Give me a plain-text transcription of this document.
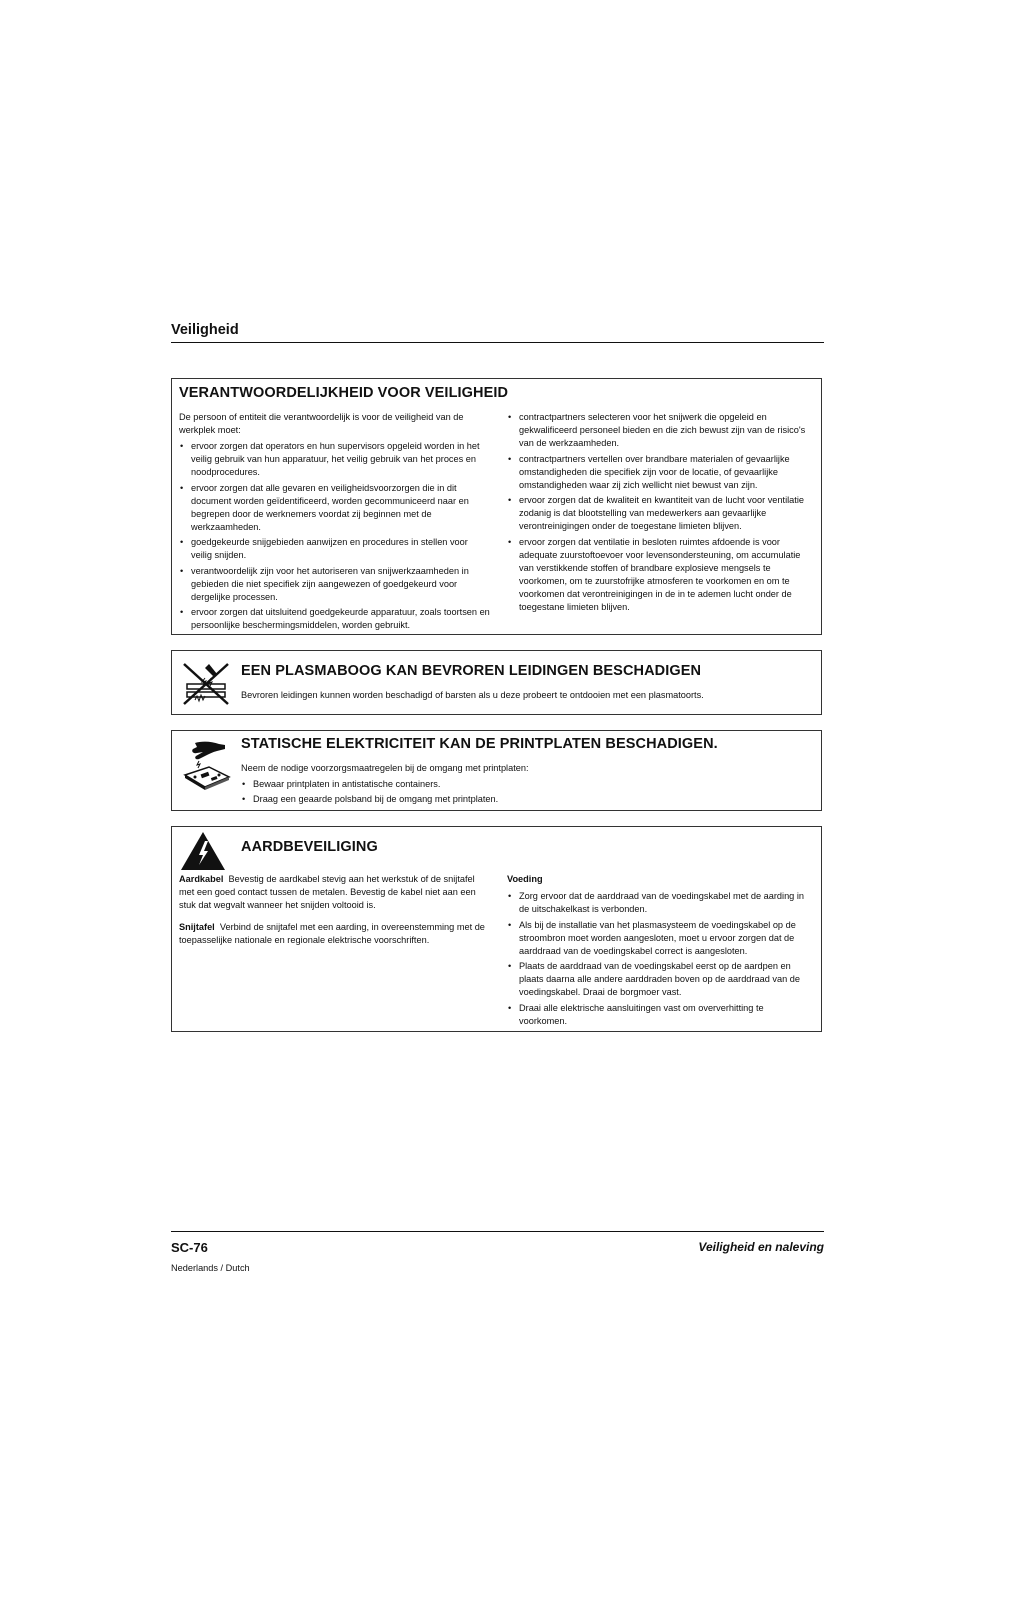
Veiligheid
VERANTWOORDELIJKHEID VOOR VEILIGHEID

De persoon of entiteit die verantwoordelijk is voor de veiligheid van de werkplek moet:

• ervoor zorgen dat operators en hun supervisors opgeleid worden in het veilig gebruik van hun apparatuur, het veilig gebruik van het proces en noodprocedures.
• ervoor zorgen dat alle gevaren en veiligheidsvoorzorgen die in dit document worden geïdentificeerd, worden gecommuniceerd naar en begrepen door de werknemers voordat zij beginnen met de werkzaamheden.
• goedgekeurde snijgebieden aanwijzen en procedures in stellen voor veilig snijden.
• verantwoordelijk zijn voor het autoriseren van snijwerkzaamheden in gebieden die niet specifiek zijn aangewezen of goedgekeurd voor dergelijke processen.
• ervoor zorgen dat uitsluitend goedgekeurde apparatuur, zoals toortsen en persoonlijke beschermingsmiddelen, worden gebruikt.
• contractpartners selecteren voor het snijwerk die opgeleid en gekwalificeerd personeel bieden en die zich bewust zijn van de risico's van de werkzaamheden.
• contractpartners vertellen over brandbare materialen of gevaarlijke omstandigheden die specifiek zijn voor de locatie, of gevaarlijke omstandigheden waar zij zich wellicht niet bewust van zijn.
• ervoor zorgen dat de kwaliteit en kwantiteit van de lucht voor ventilatie zodanig is dat blootstelling van medewerkers aan gevaarlijke verontreinigingen onder de toegestane limieten blijven.
• ervoor zorgen dat ventilatie in besloten ruimtes afdoende is voor adequate zuurstoftoevoer voor levensondersteuning, om accumulatie van verstikkende stoffen of brandbare explosieve mengsels te voorkomen, om te zuurstofrijke atmosferen te voorkomen en om te voorkomen dat verontreinigingen in de in te ademen lucht onder de toegestane limieten blijven.
EEN PLASMABOOG KAN BEVROREN LEIDINGEN BESCHADIGEN

Bevroren leidingen kunnen worden beschadigd of barsten als u deze probeert te ontdooien met een plasmatoorts.

STATISCHE ELEKTRICITEIT KAN DE PRINTPLATEN BESCHADIGEN.

Neem de nodige voorzorgsmaatregelen bij de omgang met printplaten:

• Bewaar printplaten in antistatische containers.
• Draag een geaarde polsband bij de omgang met printplaten.
AARDBEVEILIGING

Aardkabel Bevestig de aardkabel stevig aan het werkstuk of de snijtafel met een goed contact tussen de metalen. Bevestig de kabel niet aan een stuk dat wegvalt wanneer het snijden voltooid is.

Snijtafel Verbind de snijtafel met een aarding, in overeenstemming met de toepasselijke nationale en regionale elektrische voorschriften.

Voeding
• Zorg ervoor dat de aarddraad van de voedingskabel met de aarding in de uitschakelkast is verbonden.
• Als bij de installatie van het plasmasysteem de voedingskabel op de stroombron moet worden aangesloten, moet u ervoor zorgen dat de aarddraad van de voedingskabel correct is aangesloten.
• Plaats de aarddraad van de voedingskabel eerst op de aardpen en plaats daarna alle andere aarddraden boven op de aarddraad van de voedingskabel. Draai de borgmoer vast.
• Draai alle elektrische aansluitingen vast om oververhitting te voorkomen.
SC-76	Veiligheid en naleving
Nederlands / Dutch
